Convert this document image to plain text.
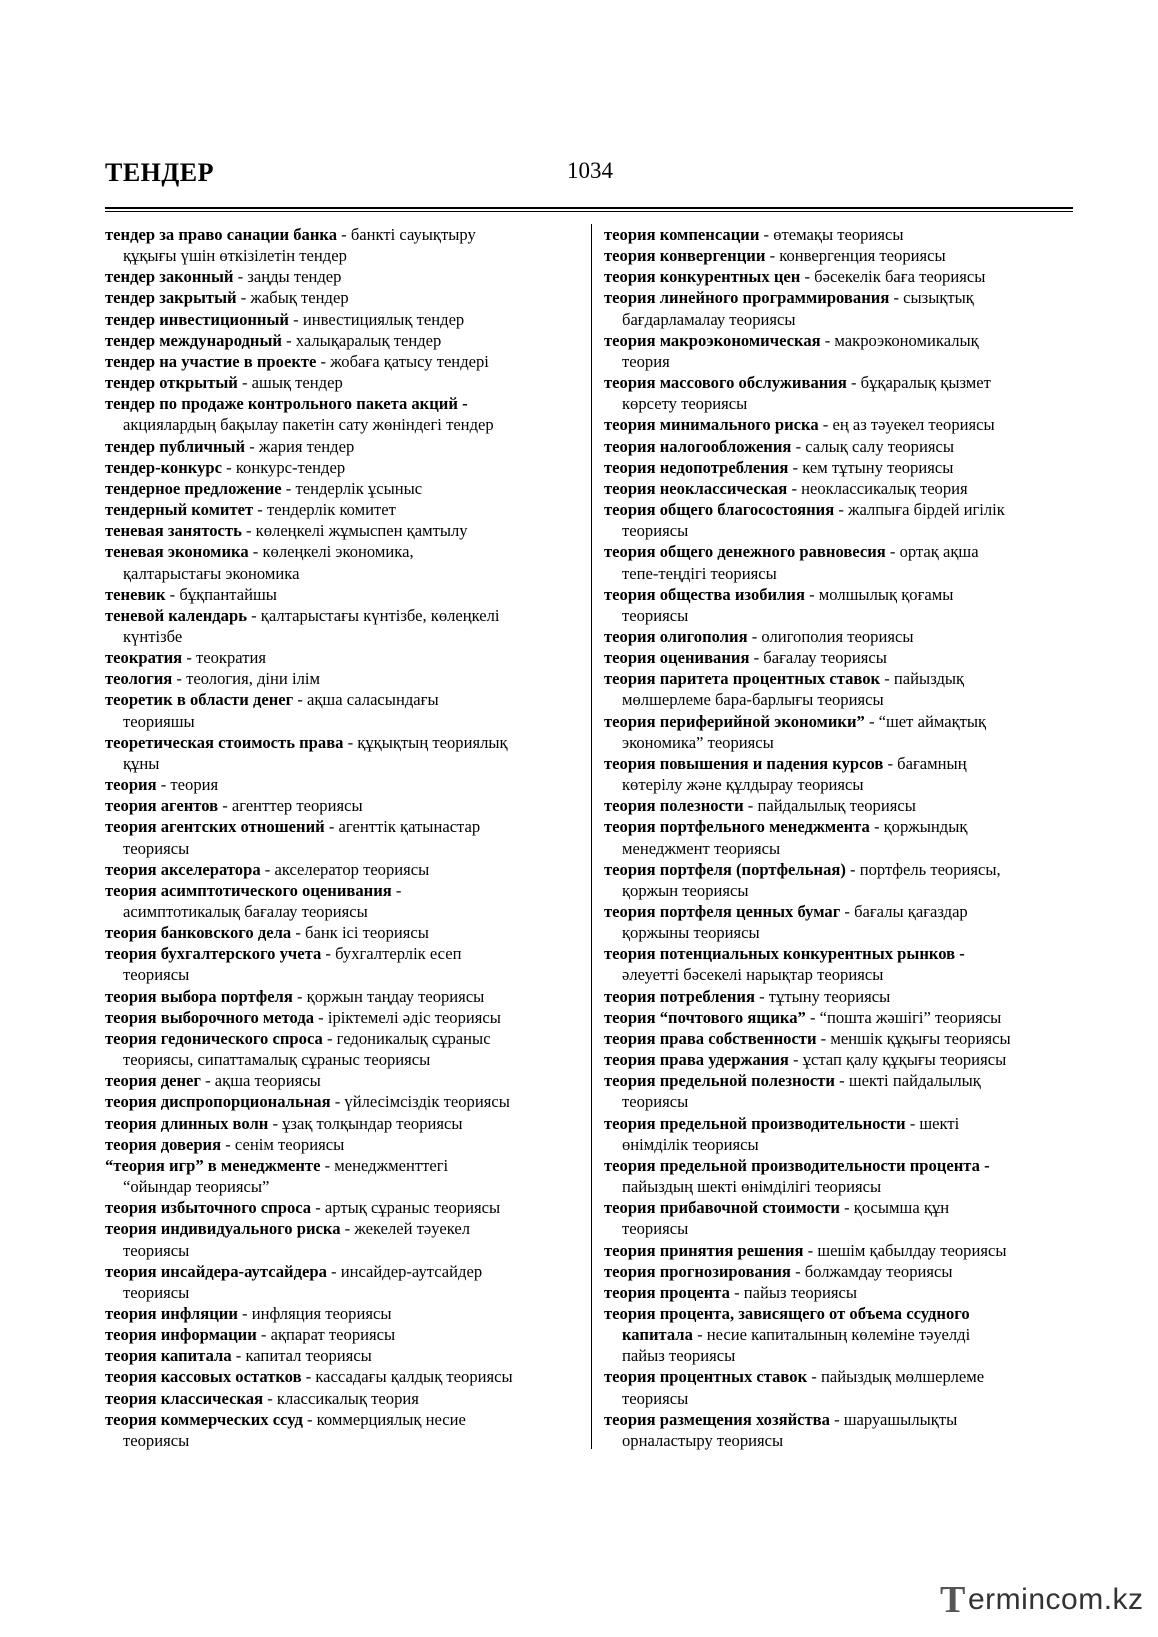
ТЕНДЕР	1034
тендер за право санации банка - банкті сауықтыру
құқығы үшін өткізілетін тендер
тендер законный - заңды тендер
тендер закрытый - жабық тендер
тендер инвестиционный - инвестициялық тендер
тендер международный - халықаралық тендер
тендер на участие в проекте - жобаға қатысу тендері
тендер открытый - ашық тендер
тендер по продаже контрольного пакета акций -
акциялардың бақылау пакетін сату жөніндегі тендер
тендер публичный - жария тендер
тендер-конкурс - конкурс-тендер
тендерное предложение - тендерлік ұсыныс
тендерный комитет - тендерлік комитет
теневая занятость - көлеңкелі жұмыспен қамтылу
теневая экономика - көлеңкелі экономика,
қалтарыстағы экономика
теневик - бұқпантайшы
теневой календарь - қалтарыстағы күнтізбе, көлеңкелі
күнтізбе
теократия - теократия
теология - теология, діни ілім
теоретик в области денег - ақша саласындағы
теорияшы
теоретическая стоимость права - құқықтың теориялық
құны
теория - теория
теория агентов - агенттер теориясы
теория агентских отношений - агенттік қатынастар
теориясы
теория акселератора - акселератор теориясы
теория асимптотического оценивания -
асимптотикалық бағалау теориясы
теория банковского дела - банк ісі теориясы
теория бухгалтерского учета - бухгалтерлік есеп
теориясы
теория выбора портфеля - қоржын таңдау теориясы
теория выборочного метода - іріктемелі әдіс теориясы
теория гедонического спроса - гедоникалық сұраныс
теориясы, сипаттамалық сұраныс теориясы
теория денег - ақша теориясы
теория диспропорциональная - үйлесімсіздік теориясы
теория длинных волн - ұзақ толқындар теориясы
теория доверия - сенім теориясы
“теория игр” в менеджменте - менеджменттегі
“ойындар теориясы”
теория избыточного спроса - артық сұраныс теориясы
теория индивидуального риска - жекелей тәуекел
теориясы
теория инсайдера-аутсайдера - инсайдер-аутсайдер
теориясы
теория инфляции - инфляция теориясы
теория информации - ақпарат теориясы
теория капитала - капитал теориясы
теория кассовых остатков - кассадағы қалдық теориясы
теория классическая - классикалық теория
теория коммерческих ссуд - коммерциялық несие
теориясы
теория компенсации - өтемақы теориясы
теория конвергенции - конвергенция теориясы
теория конкурентных цен - бәсекелік баға теориясы
теория линейного программирования - сызықтық
бағдарламалау теориясы
теория макроэкономическая - макроэкономикалық
теория
теория массового обслуживания - бұқаралық қызмет
көрсету теориясы
теория минимального риска - ең аз тәуекел теориясы
теория налогообложения - салық салу теориясы
теория недопотребления - кем тұтыну теориясы
теория неоклассическая - неоклассикалық теория
теория общего благосостояния - жалпыға бірдей игілік
теориясы
теория общего денежного равновесия - ортақ ақша
тепе-теңдігі теориясы
теория общества изобилия - молшылық қоғамы
теориясы
теория олигополия - олигополия теориясы
теория оценивания - бағалау теориясы
теория паритета процентных ставок - пайыздық
мөлшерлеме бара-барлығы теориясы
теория периферийной экономики” - “шет аймақтық
экономика” теориясы
теория повышения и падения курсов - бағамның
көтерілу және құлдырау теориясы
теория полезности - пайдалылық теориясы
теория портфельного менеджмента - қоржындық
менеджмент теориясы
теория портфеля (портфельная) - портфель теориясы,
қоржын теориясы
теория портфеля ценных бумаг - бағалы қағаздар
қоржыны теориясы
теория потенциальных конкурентных рынков -
әлеуетті бәсекелі нарықтар теориясы
теория потребления - тұтыну теориясы
теория “почтового ящика” - “пошта жәшігі” теориясы
теория права собственности - меншік құқығы теориясы
теория права удержания - ұстап қалу құқығы теориясы
теория предельной полезности - шекті пайдалылық
теориясы
теория предельной производительности - шекті
өнімділік теориясы
теория предельной производительности процента -
пайыздың шекті өнімділігі теориясы
теория прибавочной стоимости - қосымша құн
теориясы
теория принятия решения - шешім қабылдау теориясы
теория прогнозирования - болжамдау теориясы
теория процента - пайыз теориясы
теория процента, зависящего от объема ссудного
капитала - несие капиталының көлеміне тәуелді
пайыз теориясы
теория процентных ставок - пайыздық мөлшерлеме
теориясы
теория размещения хозяйства - шаруашылықты
орналастыру теориясы
T ermincom.kz
